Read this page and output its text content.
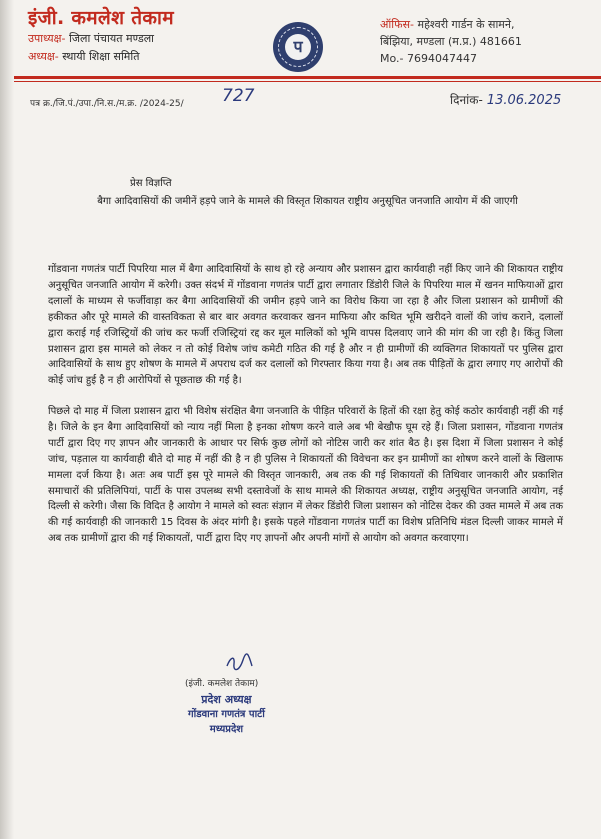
इंजी. कमलेश तेकाम
उपाध्यक्ष- जिला पंचायत मण्डला
अध्यक्ष- स्थायी शिक्षा समिति
प
ऑफिस- महेश्वरी गार्डन के सामने,
बिंझिया, मण्डला (म.प्र.) 481661
Mo.- 7694047447
पत्र क्र./जि.पं./उपा./नि.स./म.क्र. /2024-25/ 727	दिनांक- 13.06.2025
प्रेस विज्ञप्ति
बैगा आदिवासियों की जमीनें हड़पे जाने के मामले की विस्तृत शिकायत राष्ट्रीय अनुसूचित जनजाति आयोग में की जाएगी
गोंडवाना गणतंत्र पार्टी पिपरिया माल में बैगा आदिवासियों के साथ हो रहे अन्याय और प्रशासन द्वारा कार्यवाही नहीं किए जाने की शिकायत राष्ट्रीय अनुसूचित जनजाति आयोग में करेगी। उक्त संदर्भ में गोंडवाना गणतंत्र पार्टी द्वारा लगातार डिंडोरी जिले के पिपरिया माल में खनन माफियाओं द्वारा दलालों के माध्यम से फर्जीवाड़ा कर बैगा आदिवासियों की जमीन हड़पे जाने का विरोध किया जा रहा है और जिला प्रशासन को ग्रामीणों की हकीकत और पूरे मामले की वास्तविकता से बार बार अवगत करवाकर खनन माफिया और कथित भूमि खरीदने वालों की जांच कराने, दलालों द्वारा कराई गई रजिस्ट्रियों की जांच कर फर्जी रजिस्ट्रियां रद्द कर मूल मालिकों को भूमि वापस दिलवाए जाने की मांग की जा रही है। किंतु जिला प्रशासन द्वारा इस मामले को लेकर न तो कोई विशेष जांच कमेटी गठित की गई है और न ही ग्रामीणों की व्यक्तिगत शिकायतों पर पुलिस द्वारा आदिवासियों के साथ हुए शोषण के मामले में अपराध दर्ज कर दलालों को गिरफ्तार किया गया है। अब तक पीड़ितों के द्वारा लगाए गए आरोपों की कोई जांच हुई है न ही आरोपियों से पूछताछ की गई है।
पिछले दो माह में जिला प्रशासन द्वारा भी विशेष संरक्षित बैगा जनजाति के पीड़ित परिवारों के हितों की रक्षा हेतु कोई कठोर कार्यवाही नहीं की गई है। जिले के इन बैगा आदिवासियों को न्याय नहीं मिला है इनका शोषण करने वाले अब भी बेखौफ घूम रहे हैं। जिला प्रशासन, गोंडवाना गणतंत्र पार्टी द्वारा दिए गए ज्ञापन और जानकारी के आधार पर सिर्फ कुछ लोगों को नोटिस जारी कर शांत बैठ है। इस दिशा में जिला प्रशासन ने कोई जांच, पड़ताल या कार्यवाही बीते दो माह में नहीं की है न ही पुलिस ने शिकायतों की विवेचना कर इन ग्रामीणों का शोषण करने वालों के खिलाफ मामला दर्ज किया है। अतः अब पार्टी इस पूरे मामले की विस्तृत जानकारी, अब तक की गई शिकायतों की तिथिवार जानकारी और प्रकाशित समाचारों की प्रतिलिपियां, पार्टी के पास उपलब्ध सभी दस्तावेजों के साथ मामले की शिकायत अध्यक्ष, राष्ट्रीय अनुसूचित जनजाति आयोग, नई दिल्ली से करेगी। जैसा कि विदित है आयोग ने मामले को स्वतः संज्ञान में लेकर डिंडोरी जिला प्रशासन को नोटिस देकर की उक्त मामले में अब तक की गई कार्यवाही की जानकारी 15 दिवस के अंदर मांगी है। इसके पहले गोंडवाना गणतंत्र पार्टी का विशेष प्रतिनिधि मंडल दिल्ली जाकर मामले में अब तक ग्रामीणों द्वारा की गई शिकायतों, पार्टी द्वारा दिए गए ज्ञापनों और अपनी मांगों से आयोग को अवगत करवाएगा।
(इंजी. कमलेश तेकाम)
प्रदेश अध्यक्ष
गोंडवाना गणतंत्र पार्टी
मध्यप्रदेश
